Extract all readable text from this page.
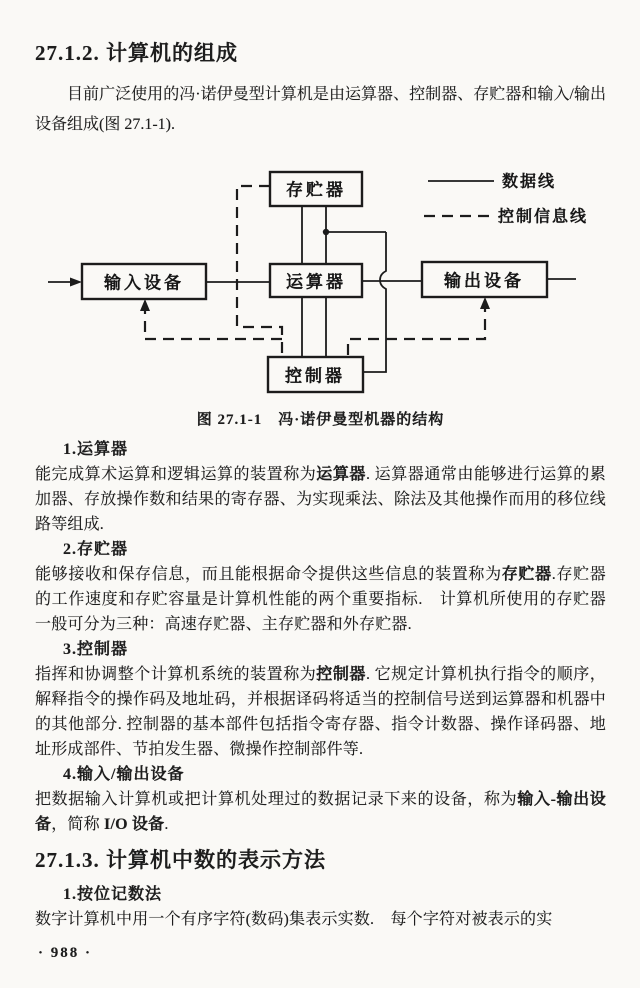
27.1.2. 计算机的组成

目前广泛使用的冯·诺伊曼型计算机是由运算器、控制器、存贮器和输入/输出设备组成(图 27.1-1).

存贮器
输入设备	运算器	输出设备
控制器
数据线
控制信息线
图 27.1-1　冯·诺伊曼型机器的结构
1.运算器
能完成算术运算和逻辑运算的装置称为运算器. 运算器通常由能够进行运算的累加器、存放操作数和结果的寄存器、为实现乘法、除法及其他操作而用的移位线路等组成.
2.存贮器
能够接收和保存信息，而且能根据命令提供这些信息的装置称为存贮器.存贮器的工作速度和存贮容量是计算机性能的两个重要指标.　计算机所使用的存贮器一般可分为三种：高速存贮器、主存贮器和外存贮器.
3.控制器
指挥和协调整个计算机系统的装置称为控制器. 它规定计算机执行指令的顺序，解释指令的操作码及地址码，并根据译码将适当的控制信号送到运算器和机器中的其他部分. 控制器的基本部件包括指令寄存器、指令计数器、操作译码器、地址形成部件、节拍发生器、微操作控制部件等.
4.输入/输出设备
把数据输入计算机或把计算机处理过的数据记录下来的设备，称为输入-输出设备，简称 I/O 设备.
27.1.3. 计算机中数的表示方法
1.按位记数法
数字计算机中用一个有序字符(数码)集表示实数.　每个字符对被表示的实
· 988 ·
